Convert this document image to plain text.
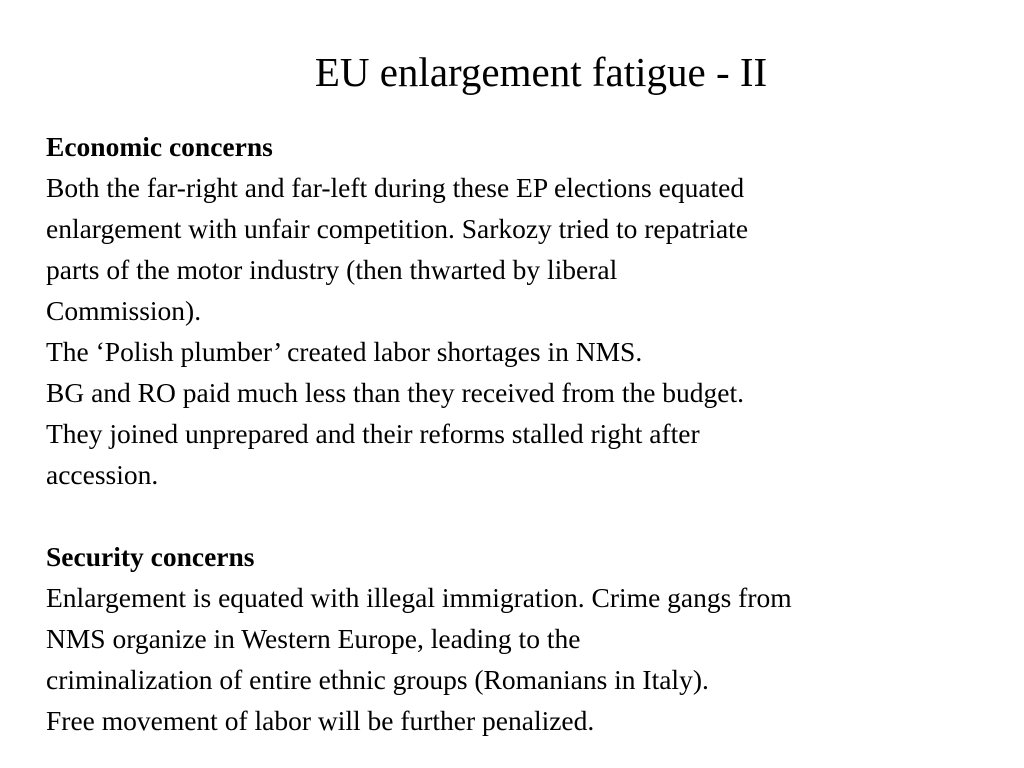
EU enlargement fatigue - II

Economic concerns

Both the far-right and far-left during these EP elections equated
enlargement with unfair competition. Sarkozy tried to repatriate
parts of the motor industry (then thwarted by liberal
Commission).

The ‘Polish plumber’ created labor shortages in NMS.

BG and RO paid much less than they received from the budget.
They joined unprepared and their reforms stalled right after
accession.

Security concerns

Enlargement is equated with illegal immigration. Crime gangs from
NMS organize in Western Europe, leading to the
criminalization of entire ethnic groups (Romanians in Italy).
Free movement of labor will be further penalized.
